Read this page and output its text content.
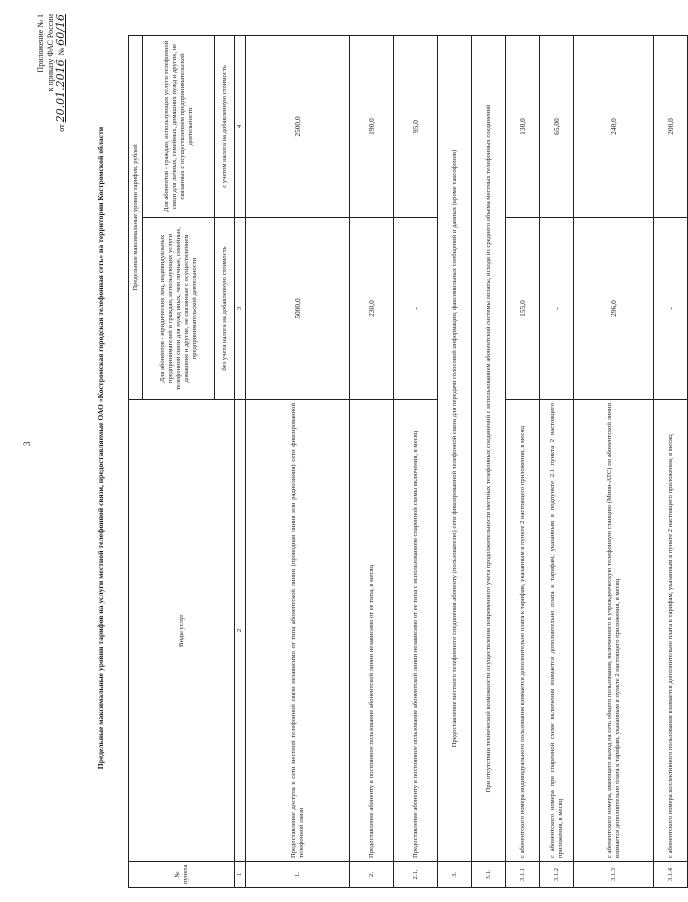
3
Приложение № 1 к приказу ФАС России
от 20.01.2016  № 60/16
Предельные максимальные уровни тарифов на услуги местной телефонной связи, предоставляемые ОАО «Костромская городская телефонная сеть» на территории Костромской области
№ пункта	Виды услуг	Предельные максимальные уровни тарифов, рублей	
		Для абонентов - юридических лиц, индивидуальных предпринимателей и граждан, использующих услуги телефонной связи для нужд иных, чем личные, семейные, домашние и другие, не связанные с осуществлением предпринимательской деятельности	Для абонентов - граждан, использующих услуги телефонной связи для личных, семейных, домашних нужд и других, не связанных с осуществлением предпринимательской деятельности
		без учета налога на добавленную стоимость	с учетом налога на добавленную стоимость
1	2	3	4
1.	Предоставление доступа к сети местной телефонной связи независимо от типа абонентской линии (проводная линия или радиолиния) сети фиксированной телефонной связи	5000,0	2500,0
2.	Предоставление абоненту в постоянное пользование абонентской линии независимо от ее типа, в месяц	230,0	190,0
2.1.	Предоставление абоненту в постоянное пользование абонентской линии независимо от ее типа с использованием спаренной схемы включения, в месяц	-	95,0
3.	Предоставление местного телефонного соединения абоненту (пользователю) сети фиксированной телефонной связи для передачи голосовой информации, факсимильных сообщений и данных (кроме таксофонов)		
3.1.	При отсутствии технической возможности осуществления повременного учета продолжительности местных телефонных соединений с использованием абонентской системы оплаты, исходя из среднего объема местных телефонных соединений		
3.1.1	с абонентского номера индивидуального пользования взимается дополнительно плата к тарифам, указанным в пункте 2 настоящего приложения, в месяц	155,0	130,0
3.1.2	с абонентского номера при спаренной схеме включения взимается дополнительно плата к тарифам, указанным в подпункте 2.1 пункта 2 настоящего приложения, в месяц	-	65,00
3.1.3	с абонентского номера, имеющего выход на сеть общего пользования, включенного в учрежденческую телефонную станцию (Мини-АТС) по абонентской линии взимается дополнительно плата к тарифам, указанным в пункте 2 настоящего приложения, в месяц	296,0	240,0
3.1.4	с абонентского номера коллективного пользования взимается дополнительно плата к тарифам, указанным в пункте 2 настоящего приложения, в месяц	-	200,0
